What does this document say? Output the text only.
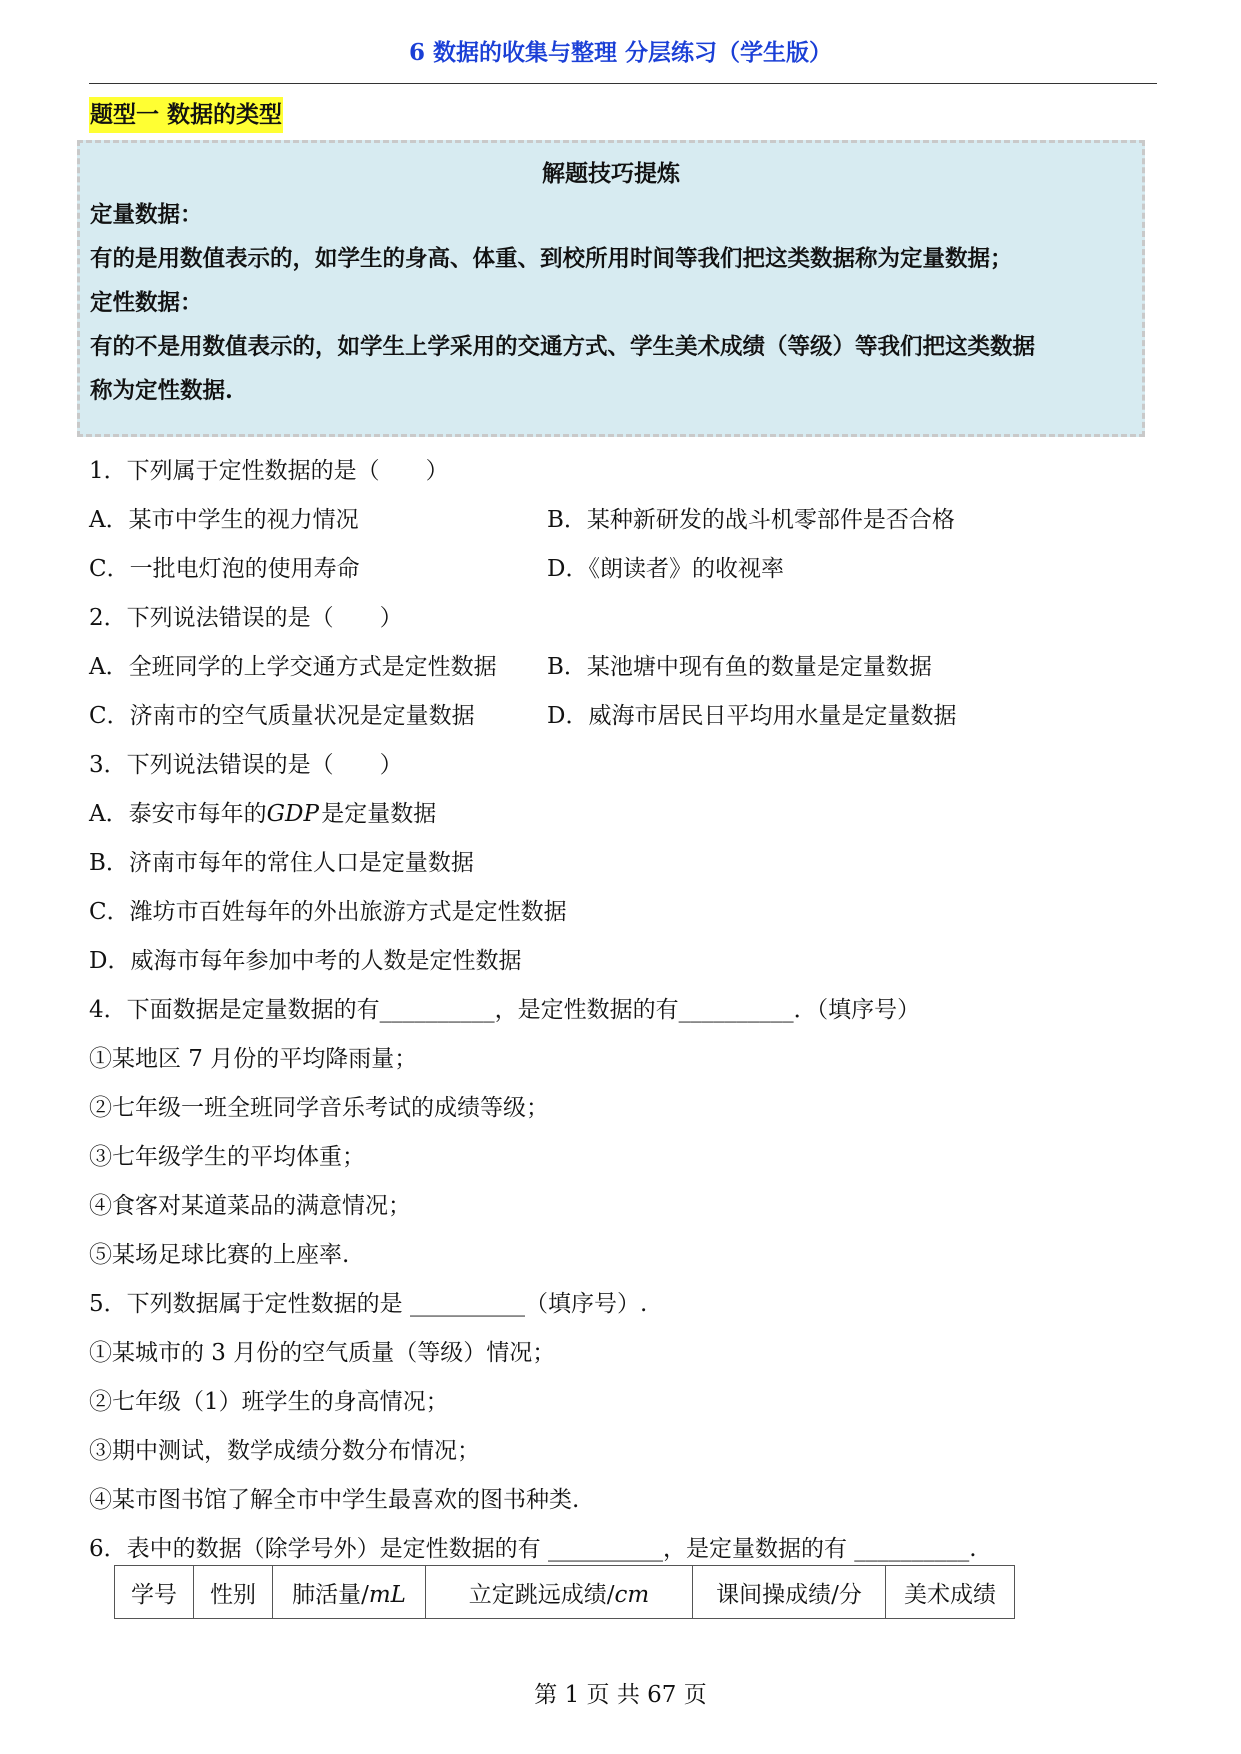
6 数据的收集与整理 分层练习（学生版）
题型一 数据的类型
解题技巧提炼
定量数据：
有的是用数值表示的，如学生的身高、体重、到校所用时间等我们把这类数据称为定量数据；
定性数据：
有的不是用数值表示的，如学生上学采用的交通方式、学生美术成绩（等级）等我们把这类数据
称为定性数据.
1．下列属于定性数据的是（　　）
A．某市中学生的视力情况	B．某种新研发的战斗机零部件是否合格
C．一批电灯泡的使用寿命	D．《朗读者》的收视率
2．下列说法错误的是（　　）
A．全班同学的上学交通方式是定性数据 B．某池塘中现有鱼的数量是定量数据
C．济南市的空气质量状况是定量数据	D．威海市居民日平均用水量是定量数据
3．下列说法错误的是（　　）
A．泰安市每年的GDP 是定量数据
B．济南市每年的常住人口是定量数据
C．潍坊市百姓每年的外出旅游方式是定性数据
D．威海市每年参加中考的人数是定性数据
4．下面数据是定量数据的有__________，是定性数据的有__________．（填序号）
①某地区 7 月份的平均降雨量；
②七年级一班全班同学音乐考试的成绩等级；
③七年级学生的平均体重；
④食客对某道菜品的满意情况；
⑤某场足球比赛的上座率.
5．下列数据属于定性数据的是 __________（填序号）.
①某城市的 3 月份的空气质量（等级）情况；
②七年级（1）班学生的身高情况；
③期中测试，数学成绩分数分布情况；
④某市图书馆了解全市中学生最喜欢的图书种类.
6．表中的数据（除学号外）是定性数据的有 __________，是定量数据的有 __________.
学号	性别	肺活量/mL	立定跳远成绩/cm	课间操成绩/分	美术成绩
第 1 页 共 67 页
